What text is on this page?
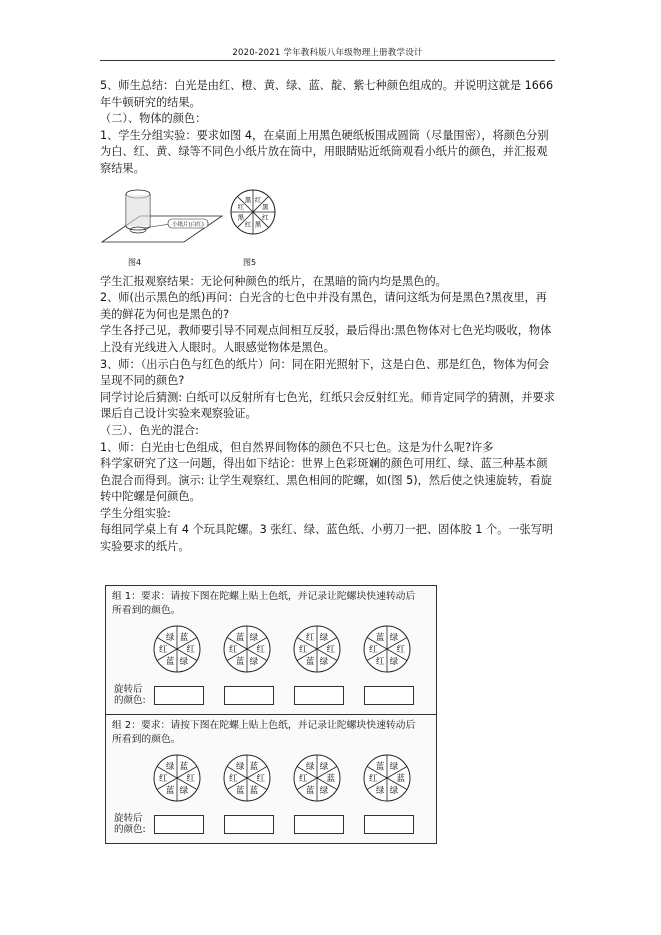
2020-2021 学年教科版八年级物理上册教学设计

5、师生总结：白光是由红、橙、黄、绿、蓝、靛、紫七种颜色组成的。并说明这就是 1666 年牛顿研究的结果。

（二）、物体的颜色：

1、学生分组实验：要求如图 4，在桌面上用黑色硬纸板围成圆筒（尽量围密），将颜色分别为白、红、黄、绿等不同色小纸片放在筒中，用眼睛贴近纸筒观看小纸片的颜色，并汇报观察结果。

小纸片(白红)
红
黑
红
黑
红
黑
红
黑
图4	图5

学生汇报观察结果：无论何种颜色的纸片，在黑暗的筒内均是黑色的。

2、师(出示黑色的纸)再问：白光含的七色中并没有黑色，请问这纸为何是黑色?黑夜里，再美的鲜花为何也是黑色的?

学生各抒己见，教师要引导不同观点间相互反驳，最后得出:黑色物体对七色光均吸收，物体上没有光线进入人眼时。人眼感觉物体是黑色。

3、师：（出示白色与红色的纸片）问：同在阳光照射下，这是白色、那是红色，物体为何会呈现不同的颜色?

同学讨论后猜测: 白纸可以反射所有七色光，红纸只会反射红光。师肯定同学的猜测，并要求课后自己设计实验来观察验证。

（三）、色光的混合:

1、师：白光由七色组成，但自然界间物体的颜色不只七色。这是为什么呢?许多

科学家研究了这一问题，得出如下结论：世界上色彩斑斓的颜色可用红、绿、蓝三种基本颜色混合而得到。演示: 让学生观察红、黑色相间的陀螺，如(图 5)，然后使之快速旋转，看旋转中陀螺是何颜色。

学生分组实验:

每组同学桌上有 4 个玩具陀螺。3 张红、绿、蓝色纸、小剪刀一把、固体胶 1 个。一张写明实验要求的纸片。

组 1：要求：请按下图在陀螺上贴上色纸，并记录让陀螺块快速转动后所看到的颜色。
蓝
红
绿
蓝
红
绿	绿
红
绿
蓝
红
蓝	绿
红
绿
蓝
红
红	绿
红
绿
红
红
蓝
旋转后
的颜色:
组 2：要求：请按下图在陀螺上贴上色纸，并记录让陀螺块快速转动后所看到的颜色。
蓝
红
绿
蓝
红
绿	蓝
红
蓝
蓝
红
绿	绿
蓝
绿
蓝
红
绿	绿
蓝
绿
绿
红
蓝
旋转后
的颜色:
